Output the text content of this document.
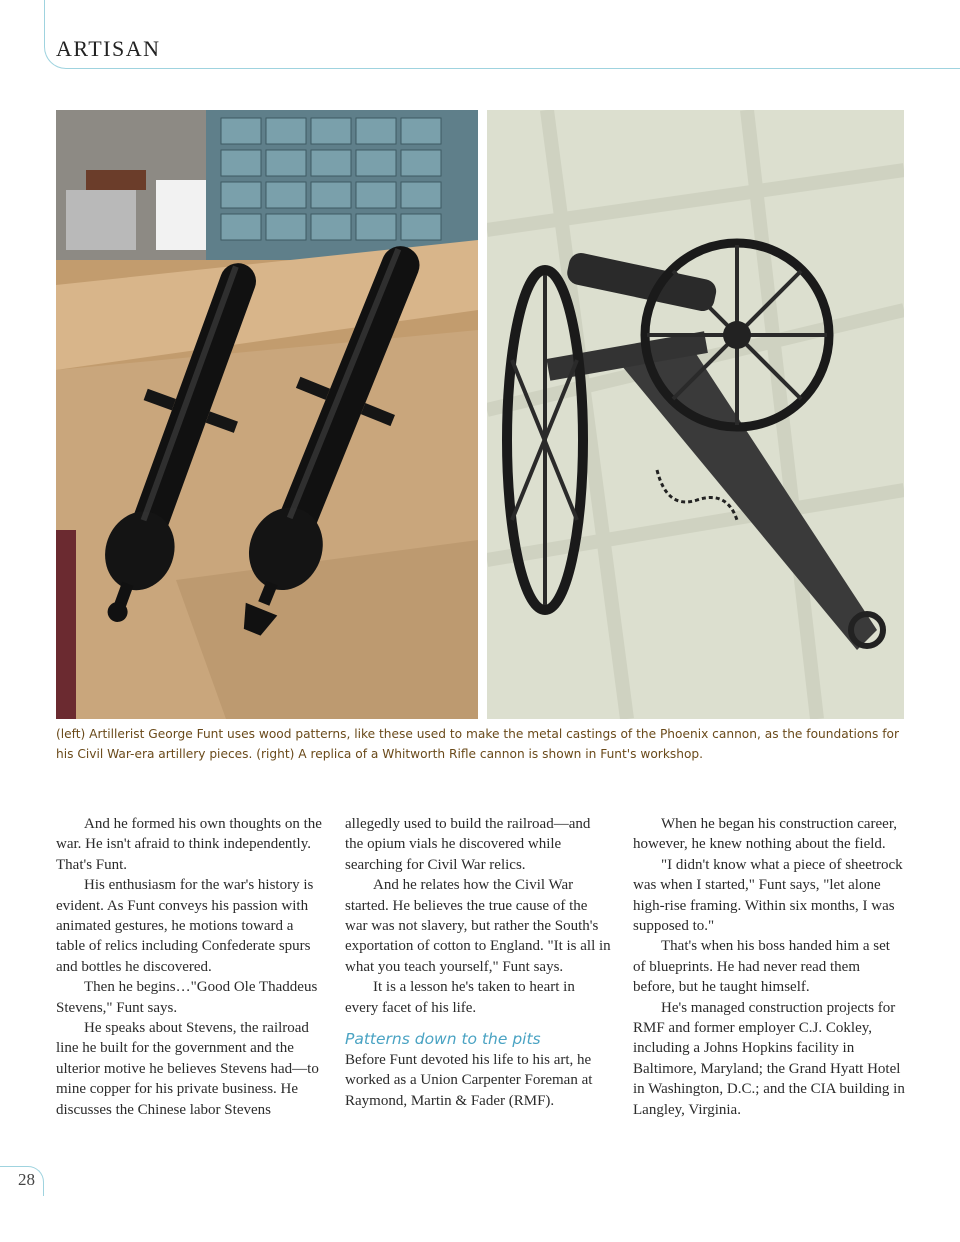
ARTISAN
(left) Artillerist George Funt uses wood patterns, like these used to make the metal castings of the Phoenix cannon, as the foundations for his Civil War-era artillery pieces. (right) A replica of a Whitworth Rifle cannon is shown in Funt's workshop.

And he formed his own thoughts on the war. He isn't afraid to think independently. That's Funt.

His enthusiasm for the war's history is evident. As Funt conveys his passion with animated gestures, he motions toward a table of relics including Confederate spurs and bottles he discovered.

Then he begins…"Good Ole Thaddeus Stevens," Funt says.

He speaks about Stevens, the railroad line he built for the government and the ulterior motive he believes Stevens had—to mine copper for his private business. He discusses the Chinese labor Stevens

allegedly used to build the railroad—and the opium vials he discovered while searching for Civil War relics.

And he relates how the Civil War started. He believes the true cause of the war was not slavery, but rather the South's exportation of cotton to England. "It is all in what you teach yourself," Funt says.

It is a lesson he's taken to heart in every facet of his life.

Patterns down to the pits

Before Funt devoted his life to his art, he worked as a Union Carpenter Foreman at Raymond, Martin & Fader (RMF).

When he began his construction career, however, he knew nothing about the field.

"I didn't know what a piece of sheetrock was when I started," Funt says, "let alone high-rise framing. Within six months, I was supposed to."

That's when his boss handed him a set of blueprints. He had never read them before, but he taught himself.

He's managed construction projects for RMF and former employer C.J. Cokley, including a Johns Hopkins facility in Baltimore, Maryland; the Grand Hyatt Hotel in Washington, D.C.; and the CIA building in Langley, Virginia.

28
